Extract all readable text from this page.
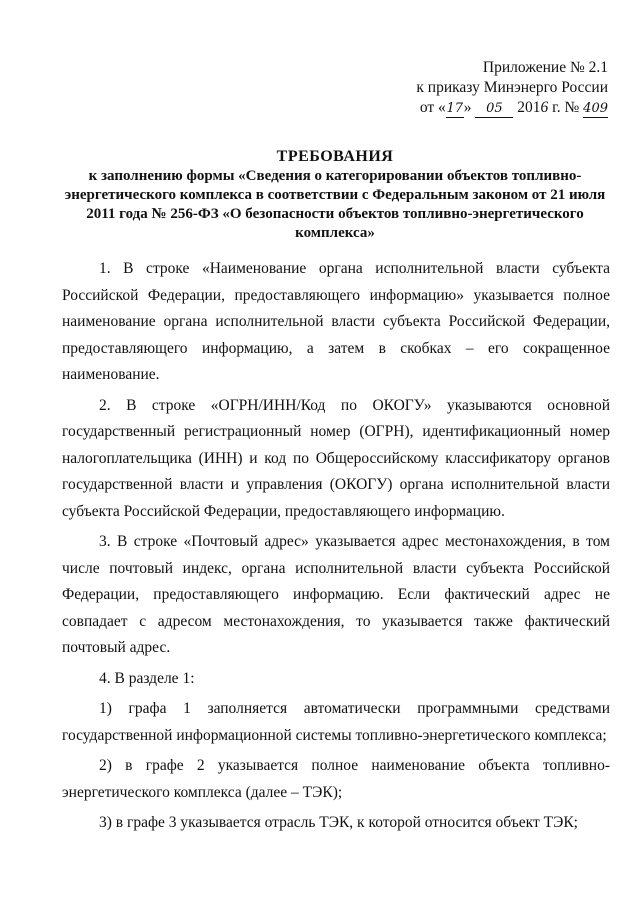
Приложение № 2.1
к приказу Минэнерго России
от «17» 05 2016 г. № 409
ТРЕБОВАНИЯ
к заполнению формы «Сведения о категорировании объектов топливно-энергетического комплекса в соответствии с Федеральным законом от 21 июля 2011 года № 256-ФЗ «О безопасности объектов топливно-энергетического комплекса»

1. В строке «Наименование органа исполнительной власти субъекта Российской Федерации, предоставляющего информацию» указывается полное наименование органа исполнительной власти субъекта Российской Федерации, предоставляющего информацию, а затем в скобках – его сокращенное наименование.

2. В строке «ОГРН/ИНН/Код по ОКОГУ» указываются основной государственный регистрационный номер (ОГРН), идентификационный номер налогоплательщика (ИНН) и код по Общероссийскому классификатору органов государственной власти и управления (ОКОГУ) органа исполнительной власти субъекта Российской Федерации, предоставляющего информацию.

3. В строке «Почтовый адрес» указывается адрес местонахождения, в том числе почтовый индекс, органа исполнительной власти субъекта Российской Федерации, предоставляющего информацию. Если фактический адрес не совпадает с адресом местонахождения, то указывается также фактический почтовый адрес.

4. В разделе 1:

1) графа 1 заполняется автоматически программными средствами государственной информационной системы топливно-энергетического комплекса;

2) в графе 2 указывается полное наименование объекта топливно-энергетического комплекса (далее – ТЭК);

3) в графе 3 указывается отрасль ТЭК, к которой относится объект ТЭК;
